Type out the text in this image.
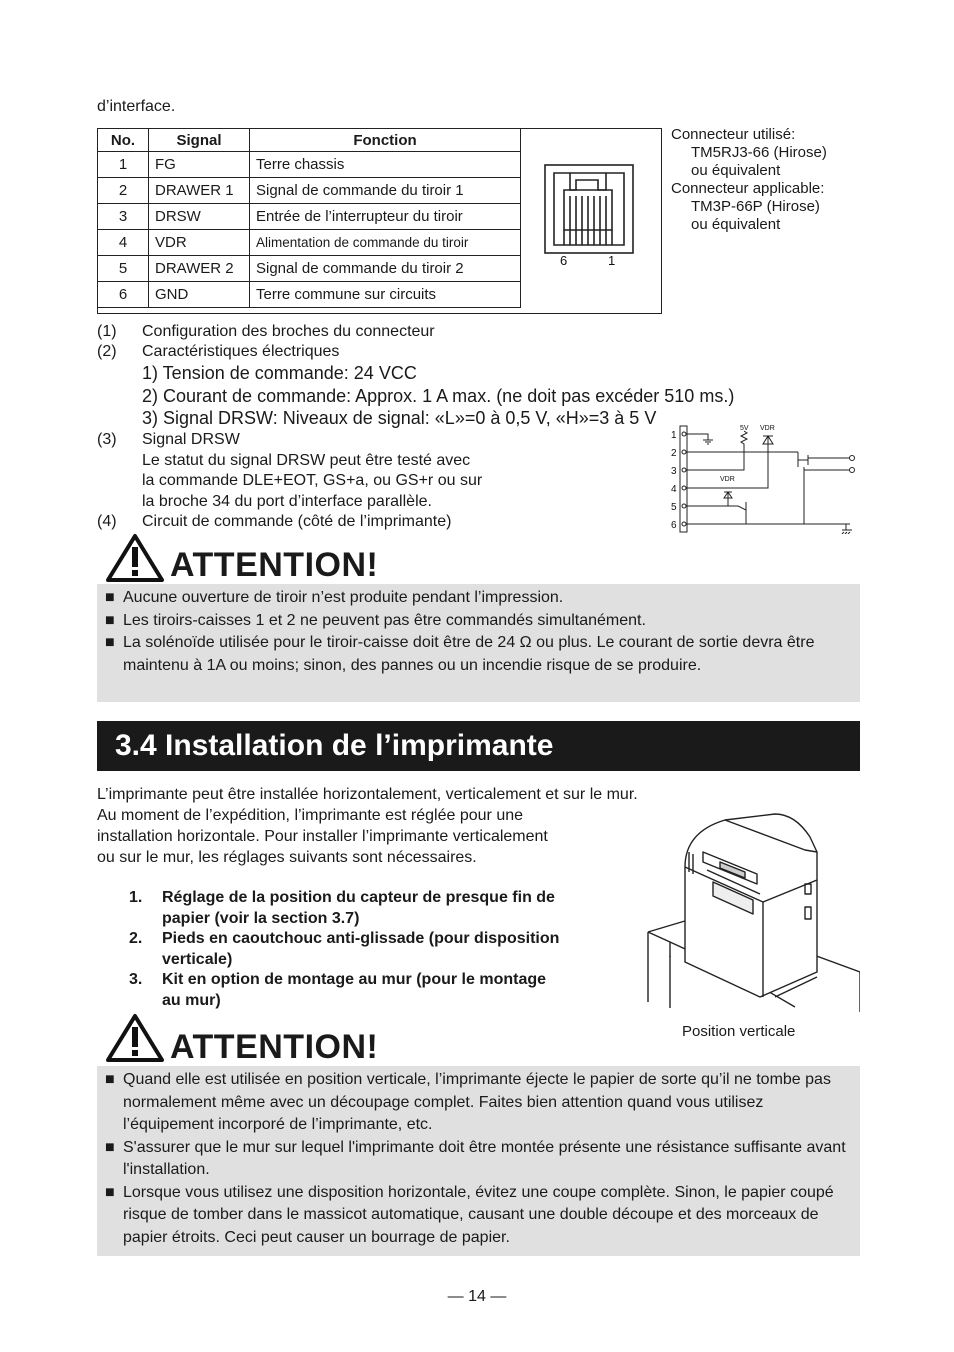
d’interface.
No.	Signal	Fonction
1	FG	Terre chassis
2	DRAWER 1	Signal de commande du tiroir 1
3	DRSW	Entrée de l’interrupteur du tiroir
4	VDR	Alimentation de commande du tiroir
5	DRAWER 2	Signal de commande du tiroir 2
6	GND	Terre commune sur circuits
6	1
Connecteur utilisé:
TM5RJ3-66 (Hirose)
ou équivalent
Connecteur applicable:
TM3P-66P (Hirose)
ou équivalent
(1) Configuration des broches du connecteur
(2) Caractéristiques électriques
1) Tension de commande: 24 VCC
2) Courant de commande: Approx. 1 A max. (ne doit pas excéder 510 ms.)
3) Signal DRSW: Niveaux de signal: «L»=0 à 0,5 V, «H»=3 à 5 V
(3) Signal DRSW
Le statut du signal DRSW peut être testé avec
la commande DLE+EOT, GS+a, ou GS+r ou sur
la broche 34 du port d’interface parallèle.
(4) Circuit de commande (côté de l’imprimante)
1
2
3
4
5
6
5V VDR
VDR
ATTENTION!
■ Aucune ouverture de tiroir n’est produite pendant l’impression.
■ Les tiroirs-caisses 1 et 2 ne peuvent pas être commandés simultanément.
■ La solénoïde utilisée pour le tiroir-caisse doit être de 24 Ω ou plus. Le courant de sortie devra être maintenu à 1A ou moins; sinon, des pannes ou un incendie risque de se produire.
3.4 Installation de l’imprimante
L’imprimante peut être installée horizontalement, verticalement et sur le mur.
Au moment de l’expédition, l’imprimante est réglée pour une
installation horizontale. Pour installer l’imprimante verticalement
ou sur le mur, les réglages suivants sont nécessaires.
1. Réglage de la position du capteur de presque fin de
papier (voir la section 3.7)
2. Pieds en caoutchouc anti-glissade (pour disposition
verticale)
3. Kit en option de montage au mur (pour le montage
au mur)
Position verticale
ATTENTION!
■ Quand elle est utilisée en position verticale, l’imprimante éjecte le papier de sorte qu’il ne tombe pas normalement même avec un découpage complet. Faites bien attention quand vous utilisez l’équipement incorporé de l’imprimante, etc.
■ S'assurer que le mur sur lequel l'imprimante doit être montée présente une résistance suffisante avant l'installation.
■ Lorsque vous utilisez une disposition horizontale, évitez une coupe complète. Sinon, le papier coupé risque de tomber dans le massicot automatique, causant une double découpe et des morceaux de papier étroits. Ceci peut causer un bourrage de papier.
— 14 —
